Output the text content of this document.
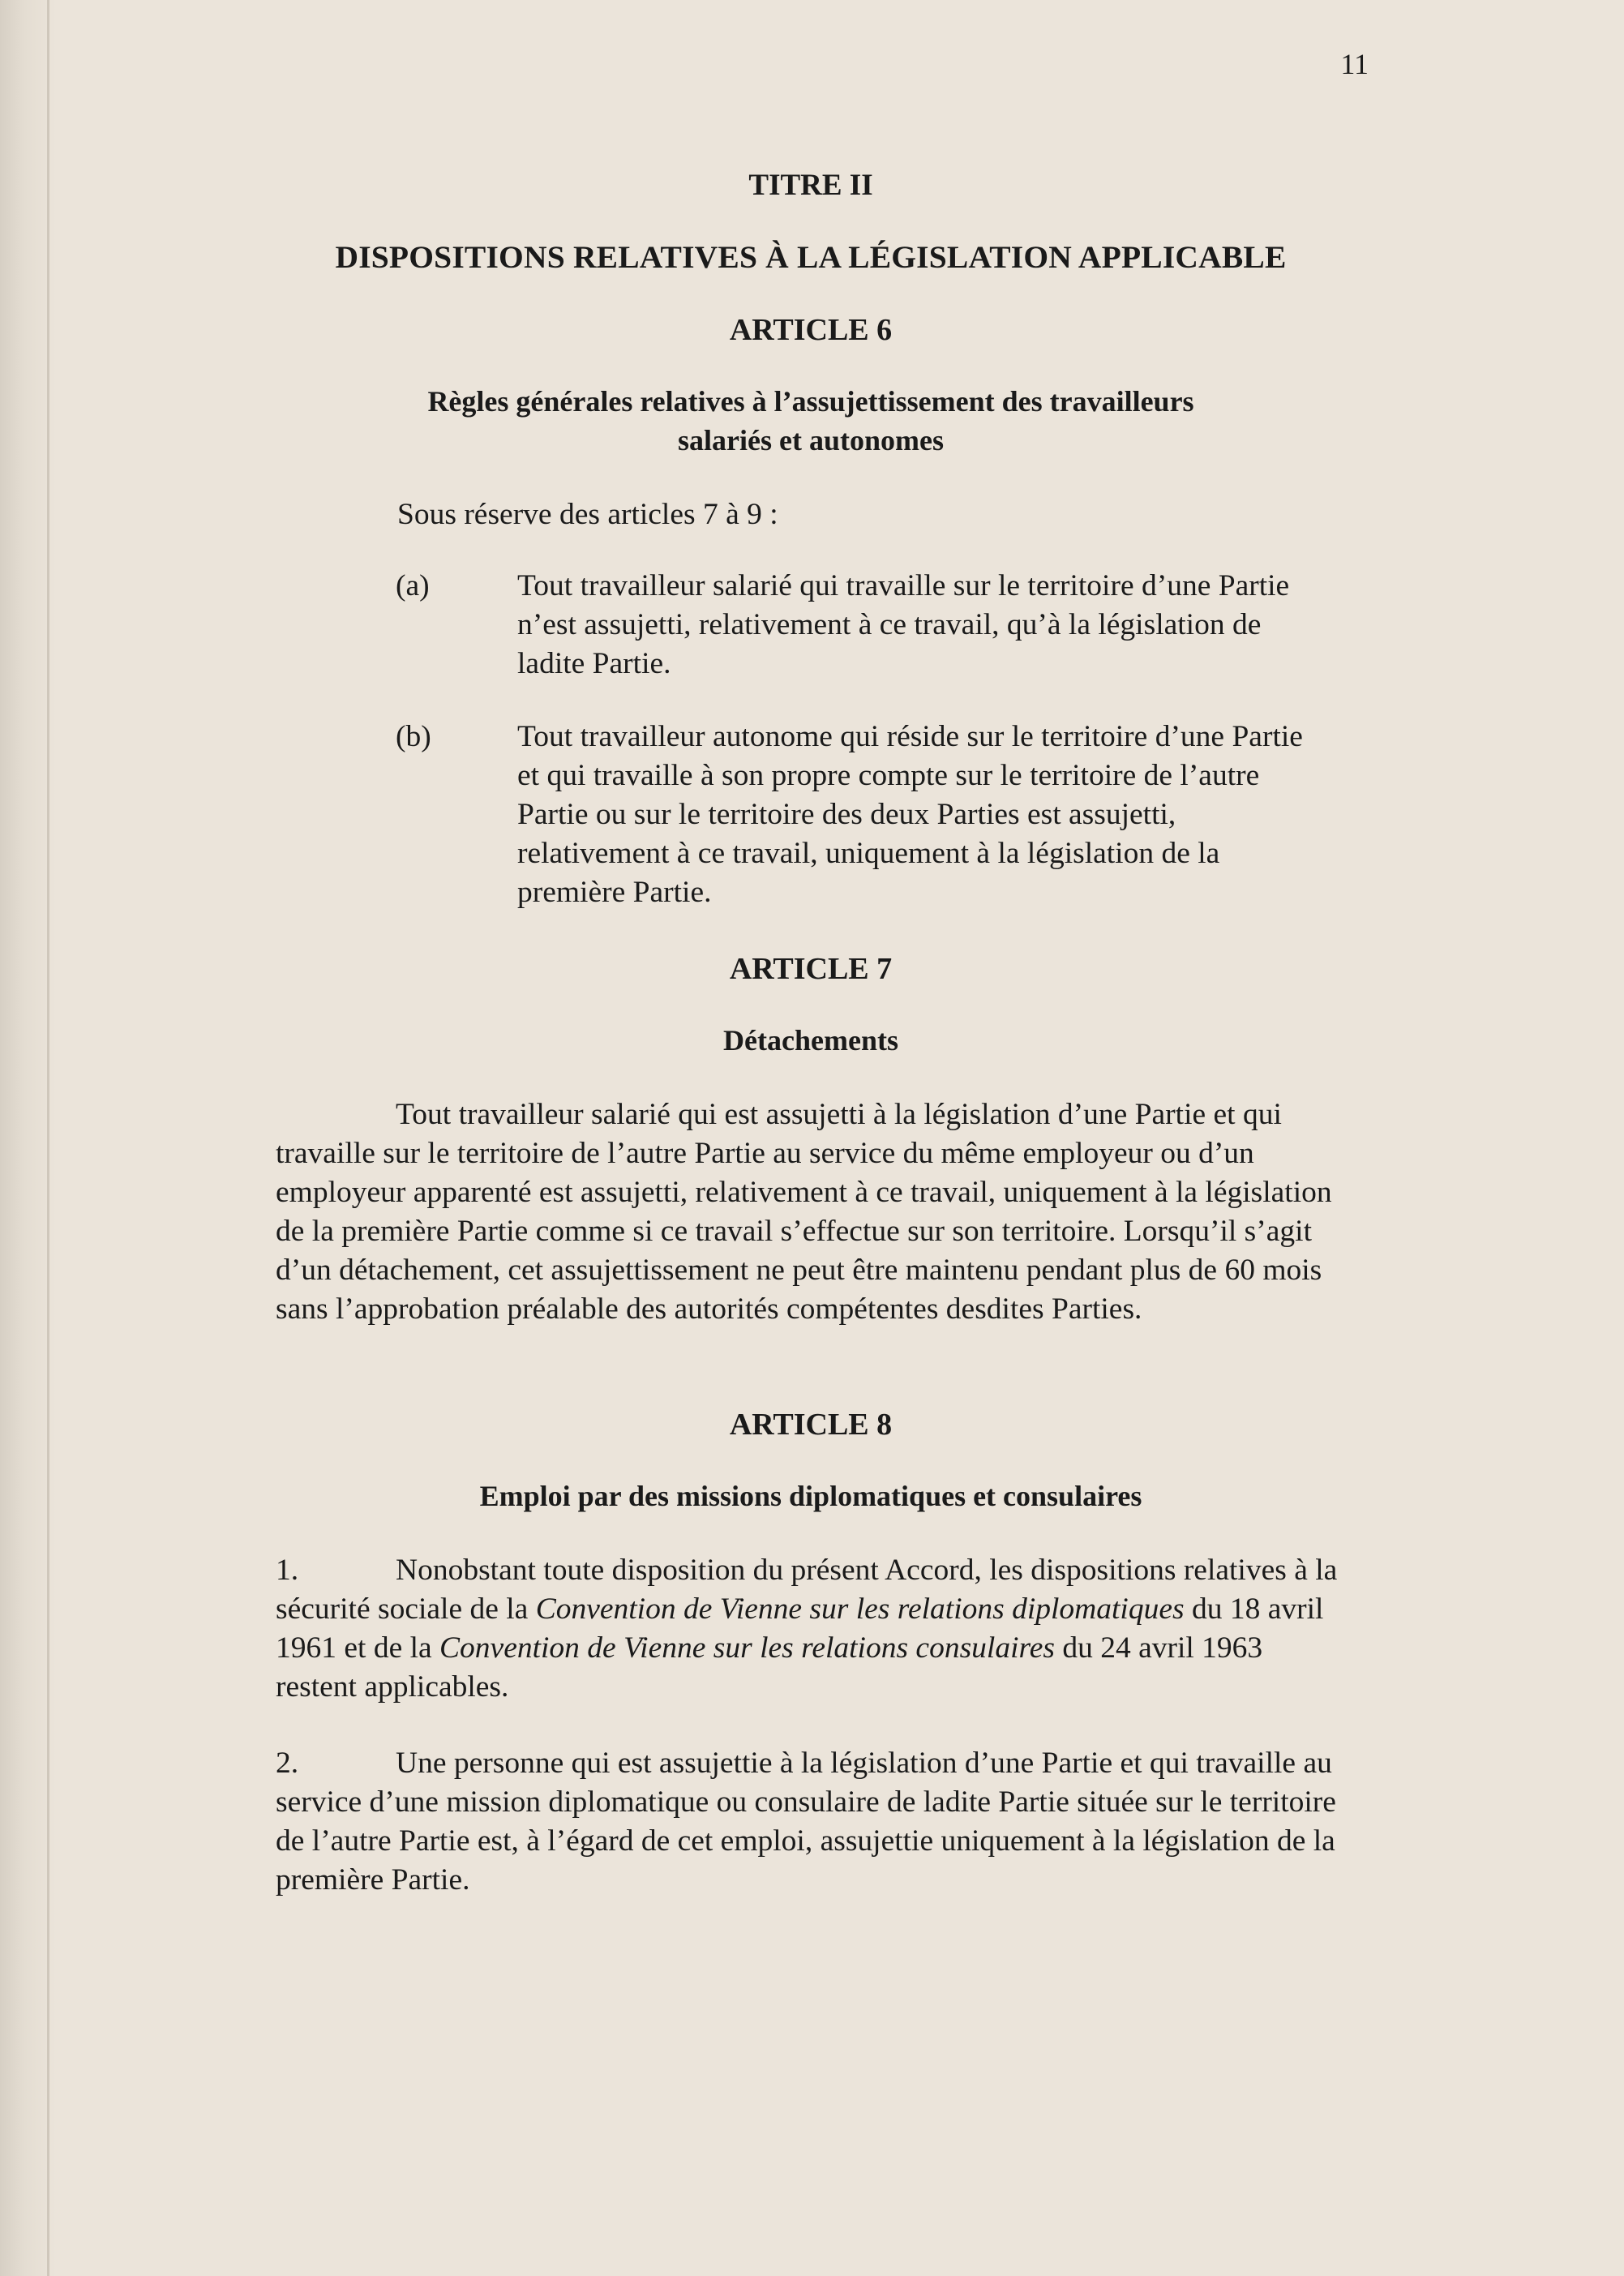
11
TITRE II
DISPOSITIONS RELATIVES À LA LÉGISLATION APPLICABLE
ARTICLE 6
Règles générales relatives à l’assujettissement des travailleurs
salariés et autonomes

Sous réserve des articles 7 à 9 :

(a)	Tout travailleur salarié qui travaille sur le territoire d’une Partie n’est assujetti, relativement à ce travail, qu’à la législation de ladite Partie.
(b)	Tout travailleur autonome qui réside sur le territoire d’une Partie et qui travaille à son propre compte sur le territoire de l’autre Partie ou sur le territoire des deux Parties est assujetti, relativement à ce travail, uniquement à la législation de la première Partie.
ARTICLE 7
Détachements

Tout travailleur salarié qui est assujetti à la législation d’une Partie et qui travaille sur le territoire de l’autre Partie au service du même employeur ou d’un employeur apparenté est assujetti, relativement à ce travail, uniquement à la législation de la première Partie comme si ce travail s’effectue sur son territoire. Lorsqu’il s’agit d’un détachement, cet assujettissement ne peut être maintenu pendant plus de 60 mois sans l’approbation préalable des autorités compétentes desdites Parties.

ARTICLE 8
Emploi par des missions diplomatiques et consulaires

1.	Nonobstant toute disposition du présent Accord, les dispositions relatives à la sécurité sociale de la Convention de Vienne sur les relations diplomatiques du 18 avril 1961 et de la Convention de Vienne sur les relations consulaires du 24 avril 1963 restent applicables.

2.	Une personne qui est assujettie à la législation d’une Partie et qui travaille au service d’une mission diplomatique ou consulaire de ladite Partie située sur le territoire de l’autre Partie est, à l’égard de cet emploi, assujettie uniquement à la législation de la première Partie.
